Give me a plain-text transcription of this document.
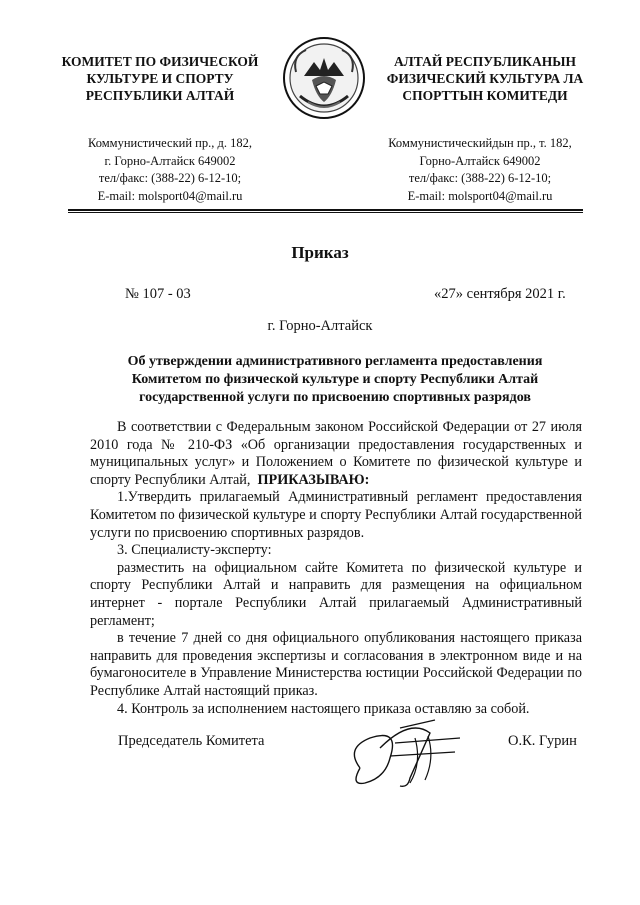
КОМИТЕТ ПО ФИЗИЧЕСКОЙ
КУЛЬТУРЕ И СПОРТУ
РЕСПУБЛИКИ АЛТАЙ
АЛТАЙ РЕСПУБЛИКАНЫН
ФИЗИЧЕСКИЙ КУЛЬТУРА ЛА
СПОРТТЫН КОМИТЕДИ
Коммунистический пр., д. 182,
г. Горно-Алтайск 649002
тел/факс: (388-22) 6-12-10;
E-mail: molsport04@mail.ru
Коммунистическийдын пр., т. 182,
Горно-Алтайск 649002
тел/факс: (388-22) 6-12-10;
E-mail: molsport04@mail.ru
Приказ
№ 107 - 03	«27» сентября 2021 г.
г. Горно-Алтайск
Об утверждении административного регламента предоставления Комитетом по физической культуре и спорту Республики Алтай государственной услуги по присвоению спортивных разрядов

В соответствии с Федеральным законом Российской Федерации от 27 июля 2010 года № 210-ФЗ «Об организации предоставления государственных и муниципальных услуг» и Положением о Комитете по физической культуре и спорту Республики Алтай, ПРИКАЗЫВАЮ:

1.Утвердить прилагаемый Административный регламент предоставления Комитетом по физической культуре и спорту Республики Алтай государственной услуги по присвоению спортивных разрядов.

3. Специалисту-эксперту:

разместить на официальном сайте Комитета по физической культуре и спорту Республики Алтай и направить для размещения на официальном интернет - портале Республики Алтай прилагаемый Административный регламент;

в течение 7 дней со дня официального опубликования настоящего приказа направить для проведения экспертизы и согласования в электронном виде и на бумагоносителе в Управление Министерства юстиции Российской Федерации по Республике Алтай настоящий приказ.

4. Контроль за исполнением настоящего приказа оставляю за собой.

Председатель Комитета	О.К. Гурин
